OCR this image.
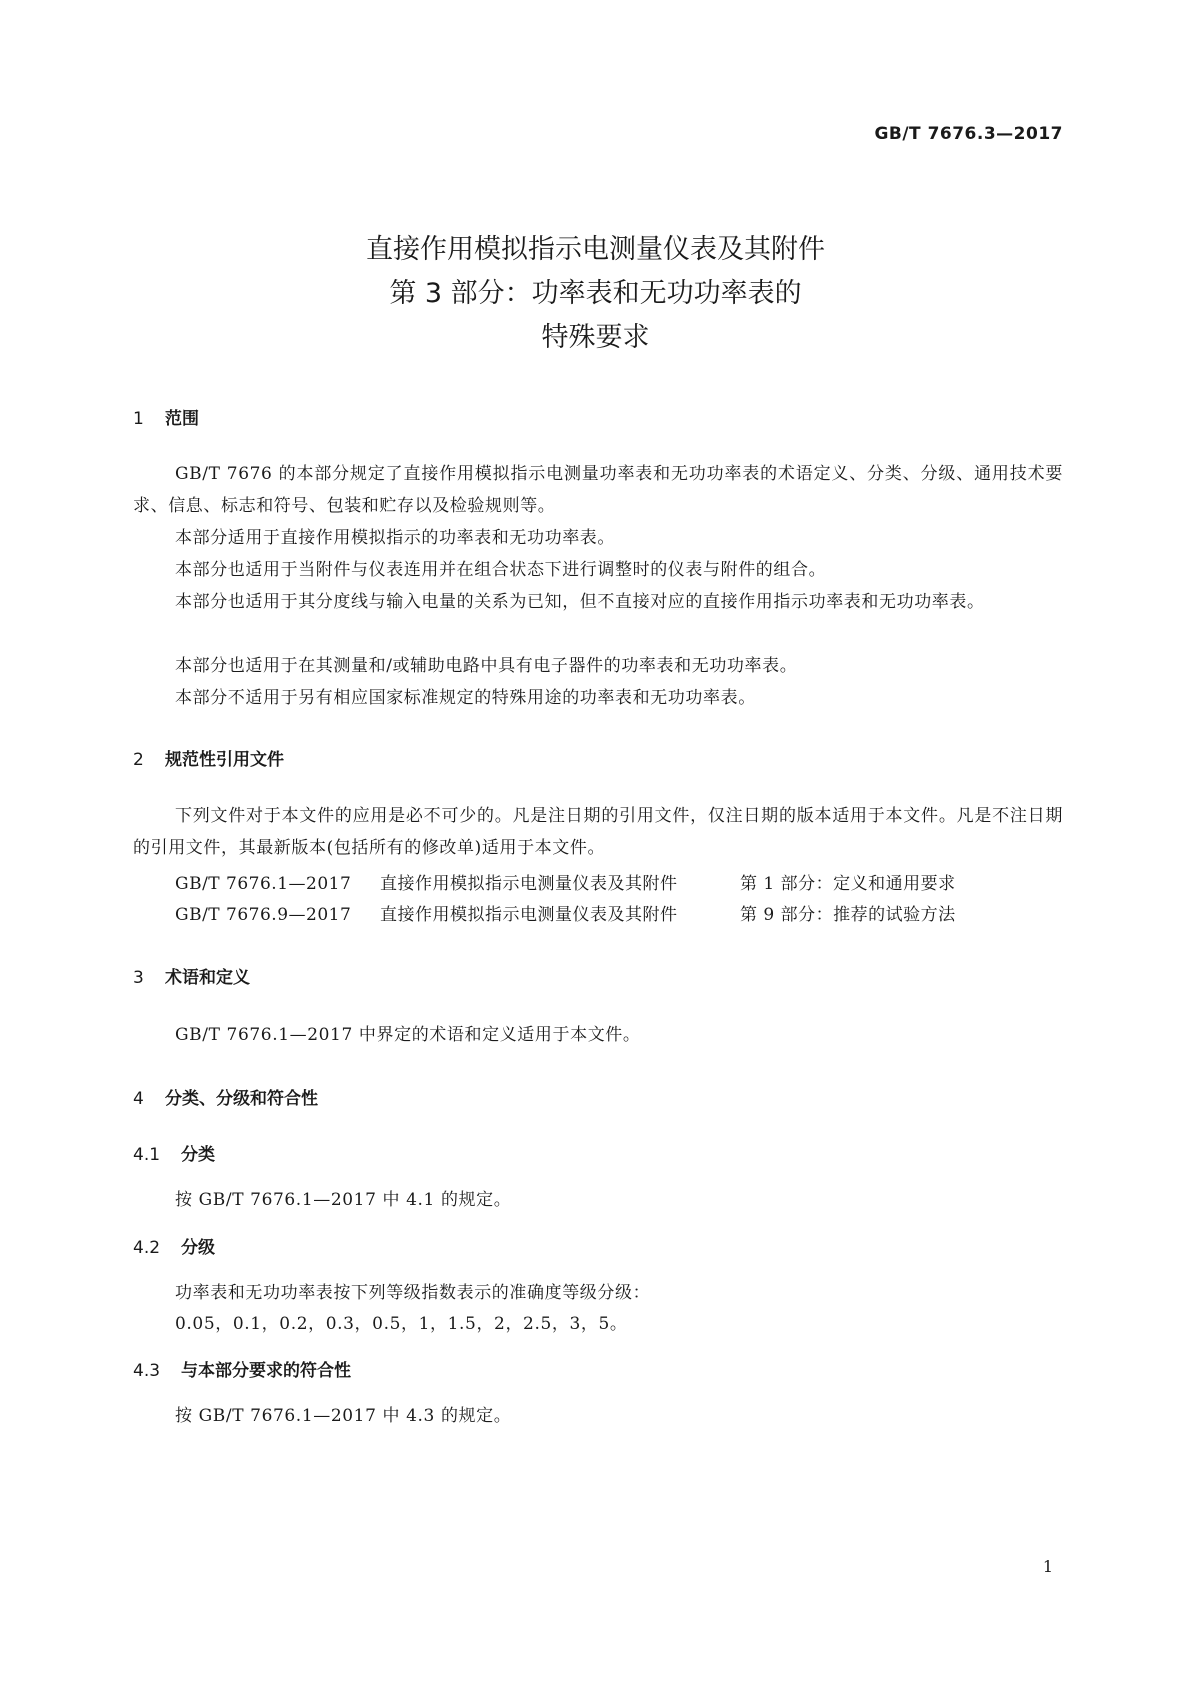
GB/T 7676.3—2017
直接作用模拟指示电测量仪表及其附件
第 3 部分：功率表和无功功率表的
特殊要求
1 范围
GB/T 7676 的本部分规定了直接作用模拟指示电测量功率表和无功功率表的术语定义、分类、分级、通用技术要求、信息、标志和符号、包装和贮存以及检验规则等。
本部分适用于直接作用模拟指示的功率表和无功功率表。
本部分也适用于当附件与仪表连用并在组合状态下进行调整时的仪表与附件的组合。
本部分也适用于其分度线与输入电量的关系为已知，但不直接对应的直接作用指示功率表和无功功率表。
本部分也适用于在其测量和/或辅助电路中具有电子器件的功率表和无功功率表。
本部分不适用于另有相应国家标准规定的特殊用途的功率表和无功功率表。
2 规范性引用文件
下列文件对于本文件的应用是必不可少的。凡是注日期的引用文件，仅注日期的版本适用于本文件。凡是不注日期的引用文件，其最新版本(包括所有的修改单)适用于本文件。
GB/T 7676.1—2017 直接作用模拟指示电测量仪表及其附件	第 1 部分：定义和通用要求
GB/T 7676.9—2017 直接作用模拟指示电测量仪表及其附件	第 9 部分：推荐的试验方法
3 术语和定义
GB/T 7676.1—2017 中界定的术语和定义适用于本文件。
4 分类、分级和符合性
4.1 分类
按 GB/T 7676.1—2017 中 4.1 的规定。
4.2 分级
功率表和无功功率表按下列等级指数表示的准确度等级分级：
0.05，0.1，0.2，0.3，0.5，1，1.5，2，2.5，3，5。
4.3 与本部分要求的符合性
按 GB/T 7676.1—2017 中 4.3 的规定。
1
